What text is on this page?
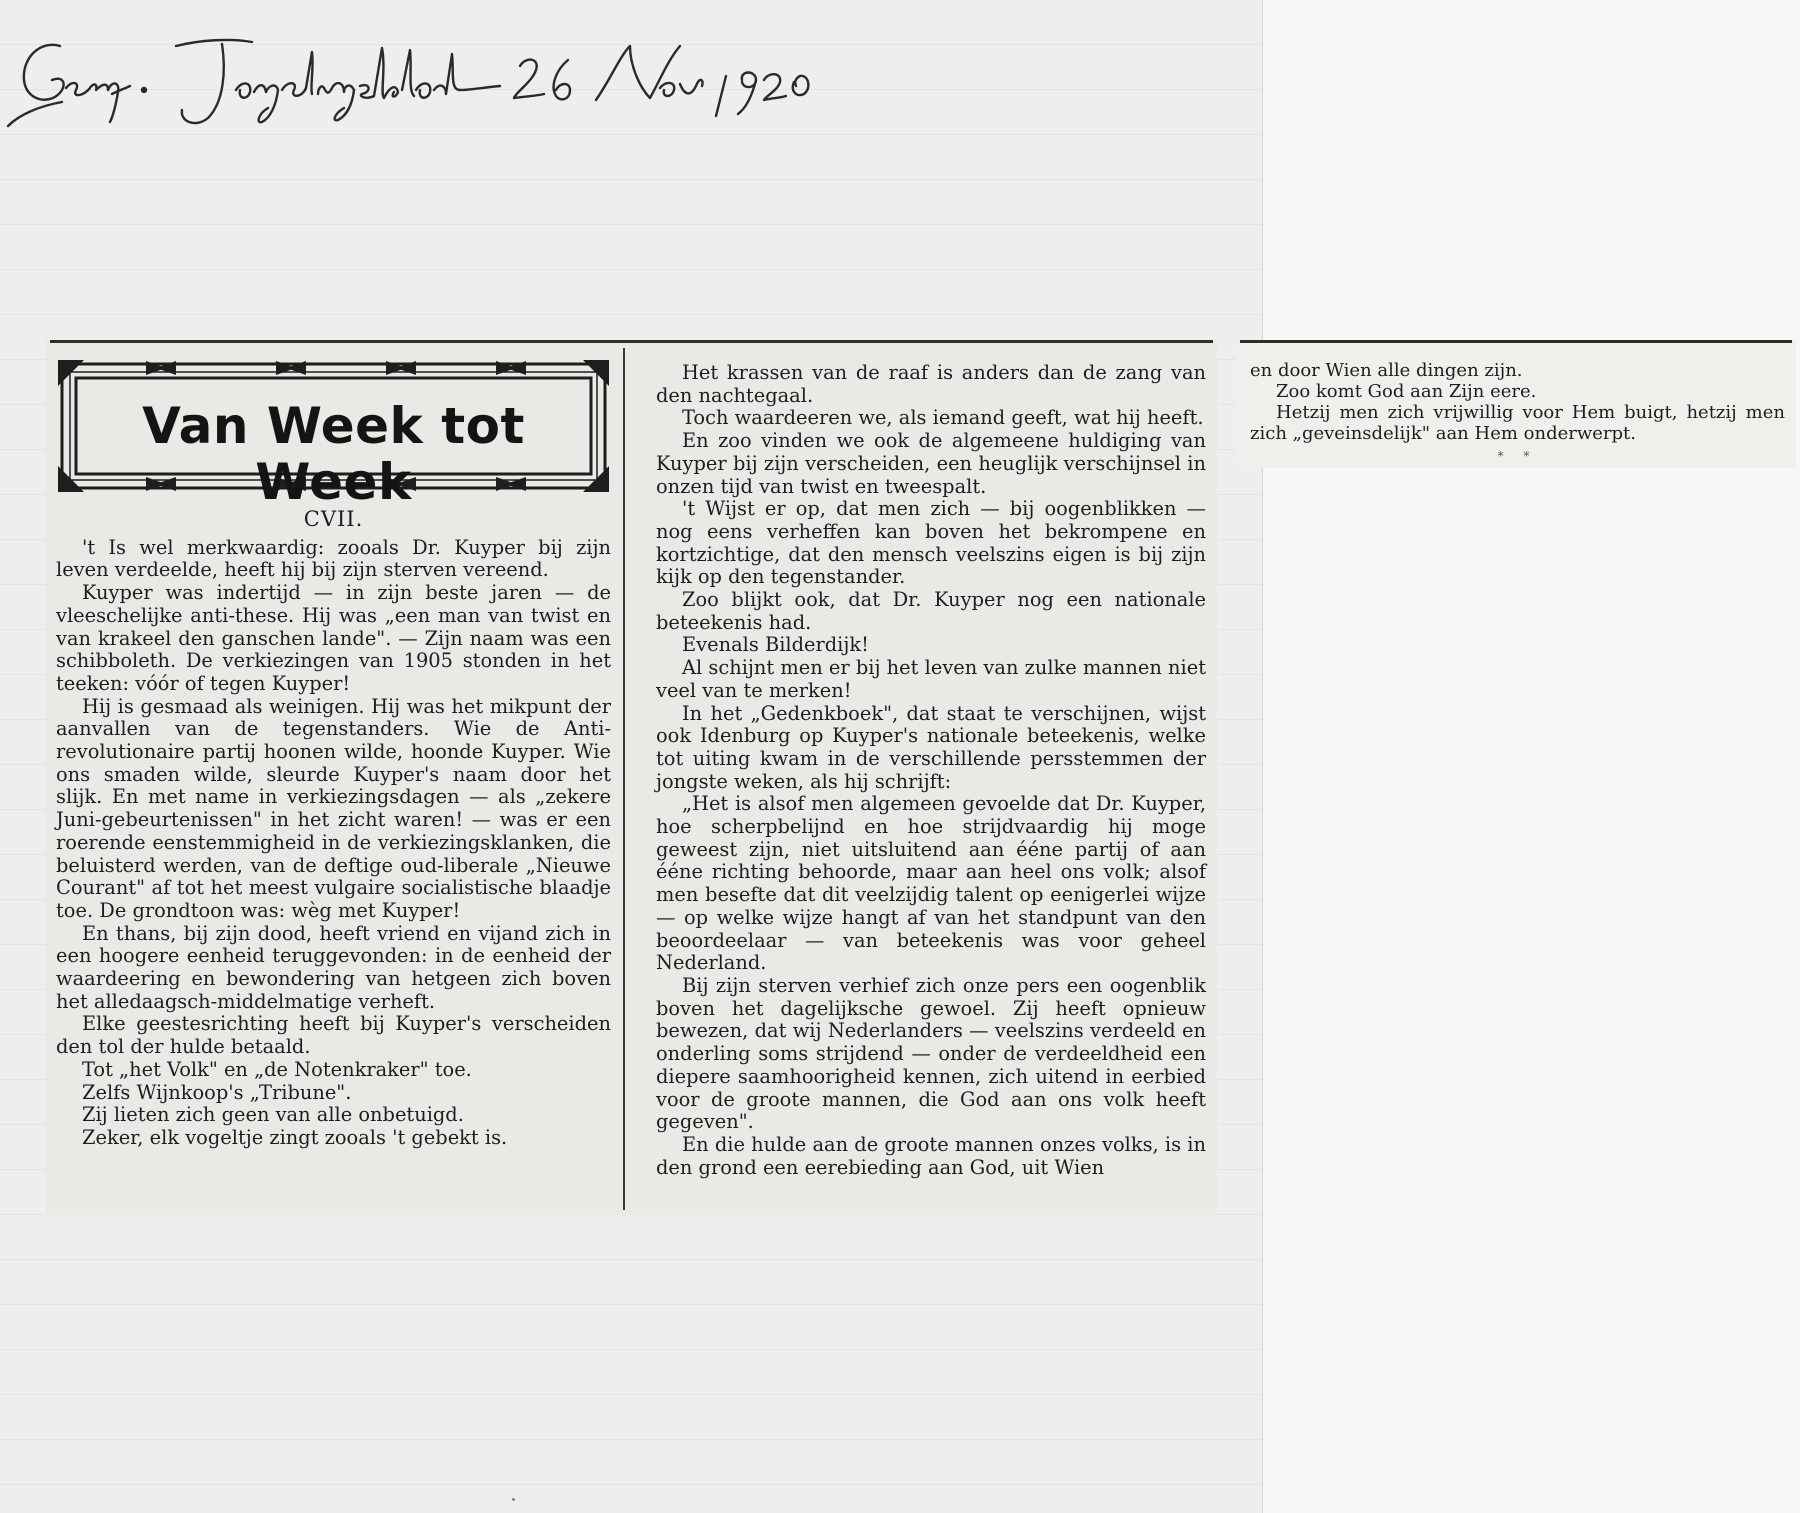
Van Week tot Week
CVII.

't Is wel merkwaardig: zooals Dr. Kuyper bij zijn leven verdeelde, heeft hij bij zijn sterven vereend.

Kuyper was indertijd — in zijn beste jaren — de vleeschelijke anti-these. Hij was „een man van twist en van krakeel den ganschen lande". — Zijn naam was een schibboleth. De verkiezingen van 1905 stonden in het teeken: vóór of tegen Kuyper!

Hij is gesmaad als weinigen. Hij was het mikpunt der aanvallen van de tegenstanders. Wie de Anti-revolutionaire partij hoonen wilde, hoonde Kuyper. Wie ons smaden wilde, sleurde Kuyper's naam door het slijk. En met name in verkiezingsdagen — als „zekere Juni-gebeurtenissen" in het zicht waren! — was er een roerende eenstemmigheid in de verkiezingsklanken, die beluisterd werden, van de deftige oud-liberale „Nieuwe Courant" af tot het meest vulgaire socialistische blaadje toe. De grondtoon was: wèg met Kuyper!

En thans, bij zijn dood, heeft vriend en vijand zich in een hoogere eenheid teruggevonden: in de eenheid der waardeering en bewondering van hetgeen zich boven het alledaagsch-middelmatige verheft.

Elke geestesrichting heeft bij Kuyper's verscheiden den tol der hulde betaald.

Tot „het Volk" en „de Notenkraker" toe.

Zelfs Wijnkoop's „Tribune".

Zij lieten zich geen van alle onbetuigd.

Zeker, elk vogeltje zingt zooals 't gebekt is.

Het krassen van de raaf is anders dan de zang van den nachtegaal.

Toch waardeeren we, als iemand geeft, wat hij heeft.

En zoo vinden we ook de algemeene huldiging van Kuyper bij zijn verscheiden, een heuglijk verschijnsel in onzen tijd van twist en tweespalt.

't Wijst er op, dat men zich — bij oogenblikken — nog eens verheffen kan boven het bekrompene en kortzichtige, dat den mensch veelszins eigen is bij zijn kijk op den tegenstander.

Zoo blijkt ook, dat Dr. Kuyper nog een nationale beteekenis had.

Evenals Bilderdijk!

Al schijnt men er bij het leven van zulke mannen niet veel van te merken!

In het „Gedenkboek", dat staat te verschijnen, wijst ook Idenburg op Kuyper's nationale beteekenis, welke tot uiting kwam in de verschillende persstemmen der jongste weken, als hij schrijft:

„Het is alsof men algemeen gevoelde dat Dr. Kuyper, hoe scherpbelijnd en hoe strijdvaardig hij moge geweest zijn, niet uitsluitend aan ééne partij of aan ééne richting behoorde, maar aan heel ons volk; alsof men besefte dat dit veelzijdig talent op eenigerlei wijze — op welke wijze hangt af van het standpunt van den beoordeelaar — van beteekenis was voor geheel Nederland.

Bij zijn sterven verhief zich onze pers een oogenblik boven het dagelijksche gewoel. Zij heeft opnieuw bewezen, dat wij Nederlanders — veelszins verdeeld en onderling soms strijdend — onder de verdeeldheid een diepere saamhoorigheid kennen, zich uitend in eerbied voor de groote mannen, die God aan ons volk heeft gegeven".

En die hulde aan de groote mannen onzes volks, is in den grond een eerebieding aan God, uit Wien

en door Wien alle dingen zijn.

Zoo komt God aan Zijn eere.

Hetzij men zich vrijwillig voor Hem buigt, hetzij men zich „geveinsdelijk" aan Hem onderwerpt.

* *
